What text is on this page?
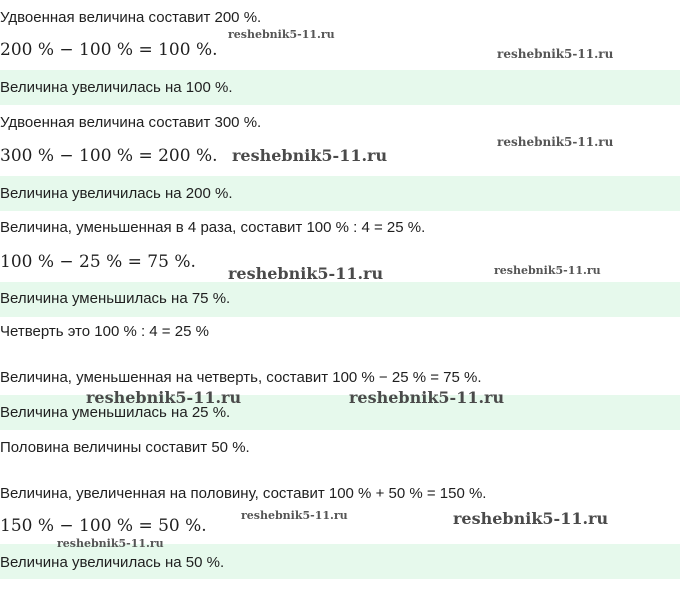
Удвоенная величина составит 200 %.
200 % − 100 % = 100 %.
Величина увеличилась на 100 %.
Удвоенная величина составит 300 %.
300 % − 100 % = 200 %.
Величина увеличилась на 200 %.
Величина, уменьшенная в 4 раза, составит 100 % : 4 = 25 %.
100 % − 25 % = 75 %.
Величина уменьшилась на 75 %.
Четверть это 100 % : 4 = 25 %
Величина, уменьшенная на четверть, составит 100 % − 25 % = 75 %.
Величина уменьшилась на 25 %.
Половина величины составит 50 %.
Величина, увеличенная на половину, составит 100 % + 50 % = 150 %.
150 % − 100 % = 50 %.
Величина увеличилась на 50 %.
reshebnik5-11.ru
reshebnik5-11.ru
reshebnik5-11.ru
reshebnik5-11.ru
reshebnik5-11.ru	reshebnik5-11.ru
reshebnik5-11.ru	reshebnik5-11.ru
reshebnik5-11.ru	reshebnik5-11.ru
reshebnik5-11.ru
